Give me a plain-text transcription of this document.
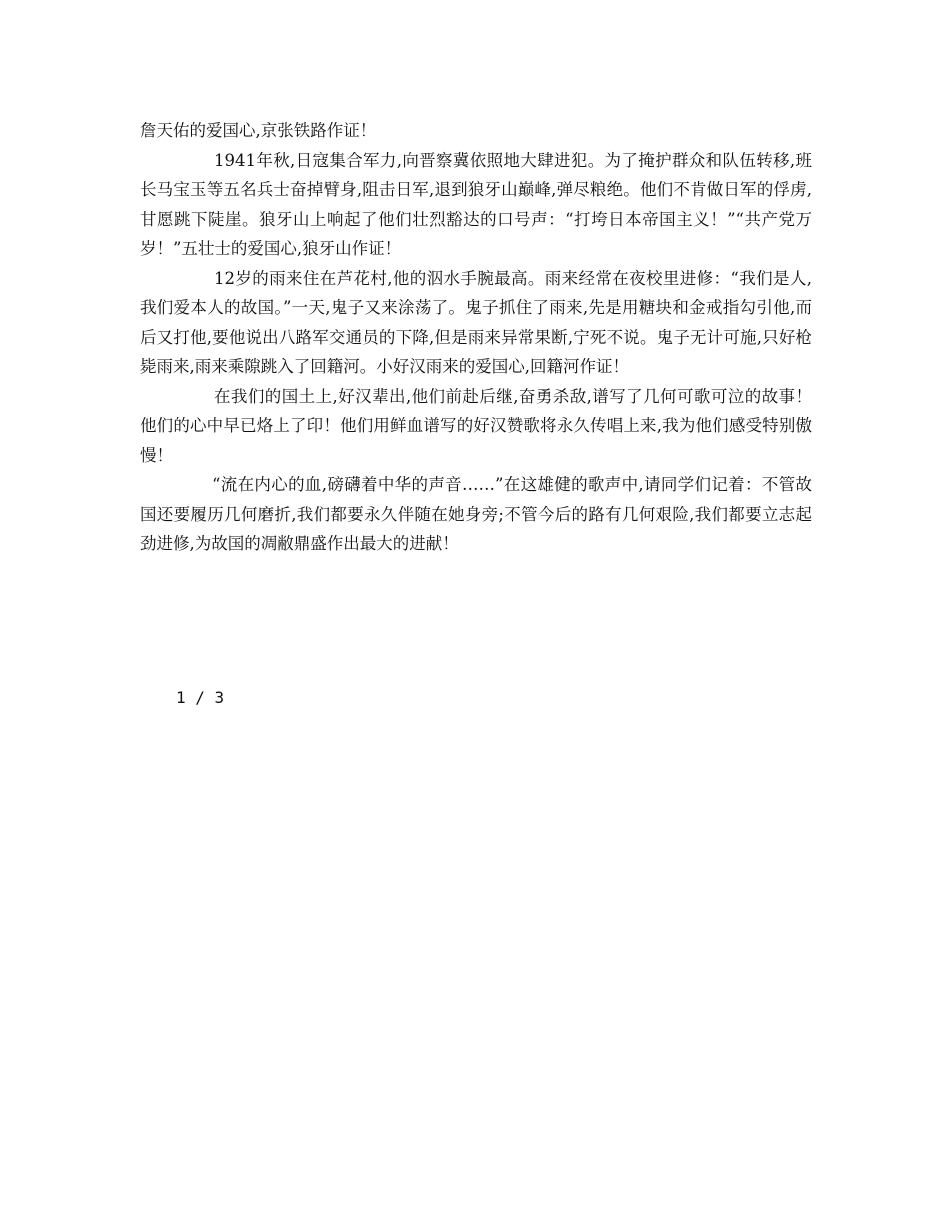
詹天佑的爱国心,京张铁路作证！

1941年秋,日寇集合军力,向晋察冀依照地大肆进犯。为了掩护群众和队伍转移,班长马宝玉等五名兵士奋掉臂身,阻击日军,退到狼牙山巅峰,弹尽粮绝。他们不肯做日军的俘虏,甘愿跳下陡崖。狼牙山上响起了他们壮烈豁达的口号声：“打垮日本帝国主义！”“共产党万岁！”五壮士的爱国心,狼牙山作证！

12岁的雨来住在芦花村,他的泅水手腕最高。雨来经常在夜校里进修：“我们是人,我们爱本人的故国。”一天,鬼子又来涂荡了。鬼子抓住了雨来,先是用糖块和金戒指勾引他,而后又打他,要他说出八路军交通员的下降,但是雨来异常果断,宁死不说。鬼子无计可施,只好枪毙雨来,雨来乘隙跳入了回籍河。小好汉雨来的爱国心,回籍河作证！

在我们的国土上,好汉辈出,他们前赴后继,奋勇杀敌,谱写了几何可歌可泣的故事！他们的心中早已烙上了印！他们用鲜血谱写的好汉赞歌将永久传唱上来,我为他们感受特别傲慢！

“流在内心的血,磅礴着中华的声音……”在这雄健的歌声中,请同学们记着：不管故国还要履历几何磨折,我们都要永久伴随在她身旁;不管今后的路有几何艰险,我们都要立志起劲进修,为故国的凋敝鼎盛作出最大的进献！

1 / 3
